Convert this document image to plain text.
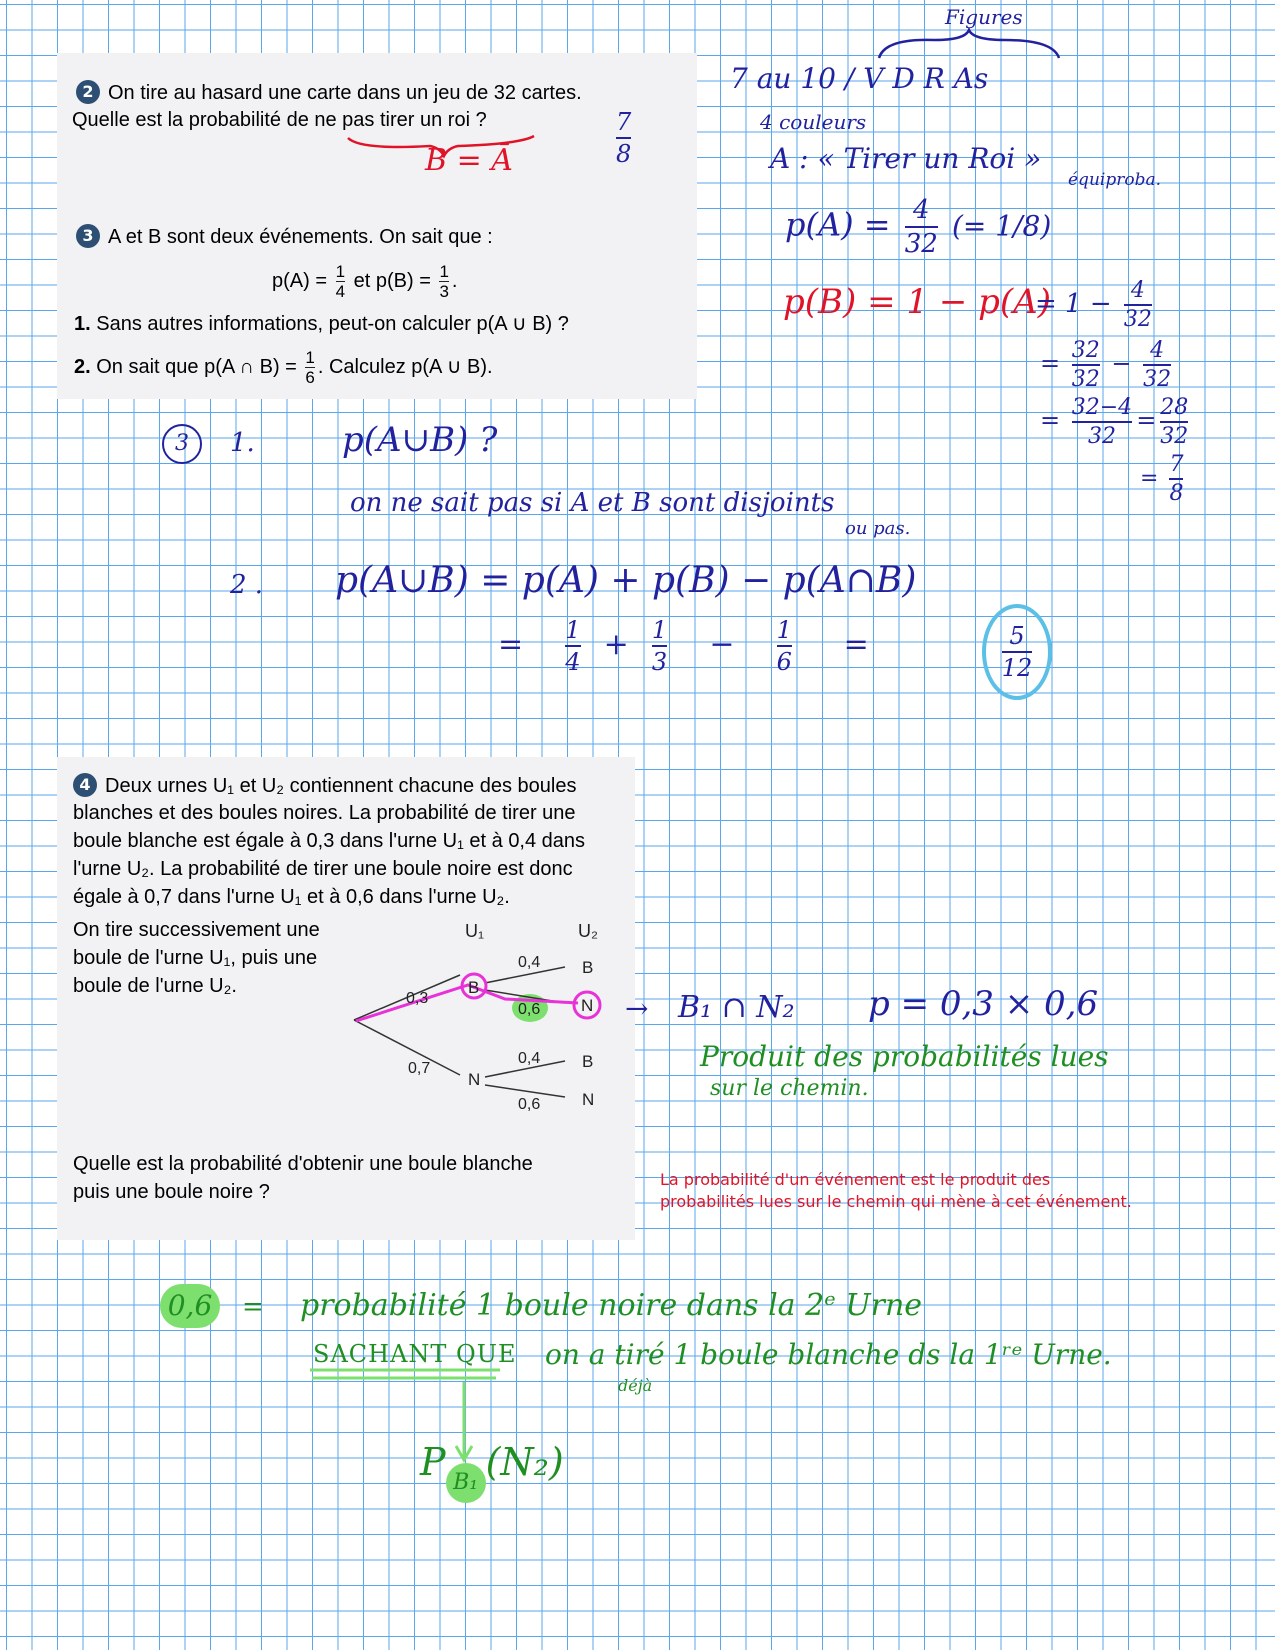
2 On tire au hasard une carte dans un jeu de 32 cartes.
Quelle est la probabilité de ne pas tirer un roi ?
3 A et B sont deux événements. On sait que :
$p(A) = \frac{1}{4}$ et $p(B) = \frac{1}{3}$ .
1. Sans autres informations, peut-on calculer p(A ∪ B) ?
2. On sait que p(A ∩ $B) = \frac{1}{6}$ . Calculez p(A ∪ B).
B = Ā	$\frac{7}{8}$
Figures
7 au 10 / V D R As
4 couleurs
A : « Tirer un Roi »
équiproba.
$p(A) = \frac{4}{32}$ (= 1/8)
p(B) = 1 − p(A)
= $1 - \frac{4}{32}$
= $\frac{32}{32} - \frac{4}{32}$
= $\frac{32-4}{32} = \frac{28}{32}$
= $\frac{7}{8}$
3	1.	p(A∪B) ?
on ne sait pas si A et B sont disjoints
ou pas.
2 . p(A∪B) = p(A) + p(B) − p(A∩B)
= $\frac{1}{4} + \frac{1}{3} - \frac{1}{6}$ =	$\frac{5}{12}$
4 Deux urnes U₁ et U₂ contiennent chacune des boules
blanches et des boules noires. La probabilité de tirer une
boule blanche est égale à 0,3 dans l'urne U₁ et à 0,4 dans
l'urne U₂. La probabilité de tirer une boule noire est donc
égale à 0,7 dans l'urne U₁ et à 0,6 dans l'urne U₂.
On tire successivement une
boule de l'urne U₁, puis une
boule de l'urne U₂.
Quelle est la probabilité d'obtenir une boule blanche
puis une boule noire ?
U₁	U₂
0,3
0,7
0,4
0,6
0,4
0,6
B
N
B
N
B
N
→ B₁ ∩ N₂ p = 0,3 × 0,6
Produit des probabilités lues
sur le chemin.
La probabilité d'un événement est le produit des
probabilités lues sur le chemin qui mène à cet événement.
0,6 = probabilité 1 boule noire dans la 2ᵉ Urne
SACHANT QUE on a tiré 1 boule blanche ds la 1ʳᵉ Urne.
déjà
P B₁ (N₂)
